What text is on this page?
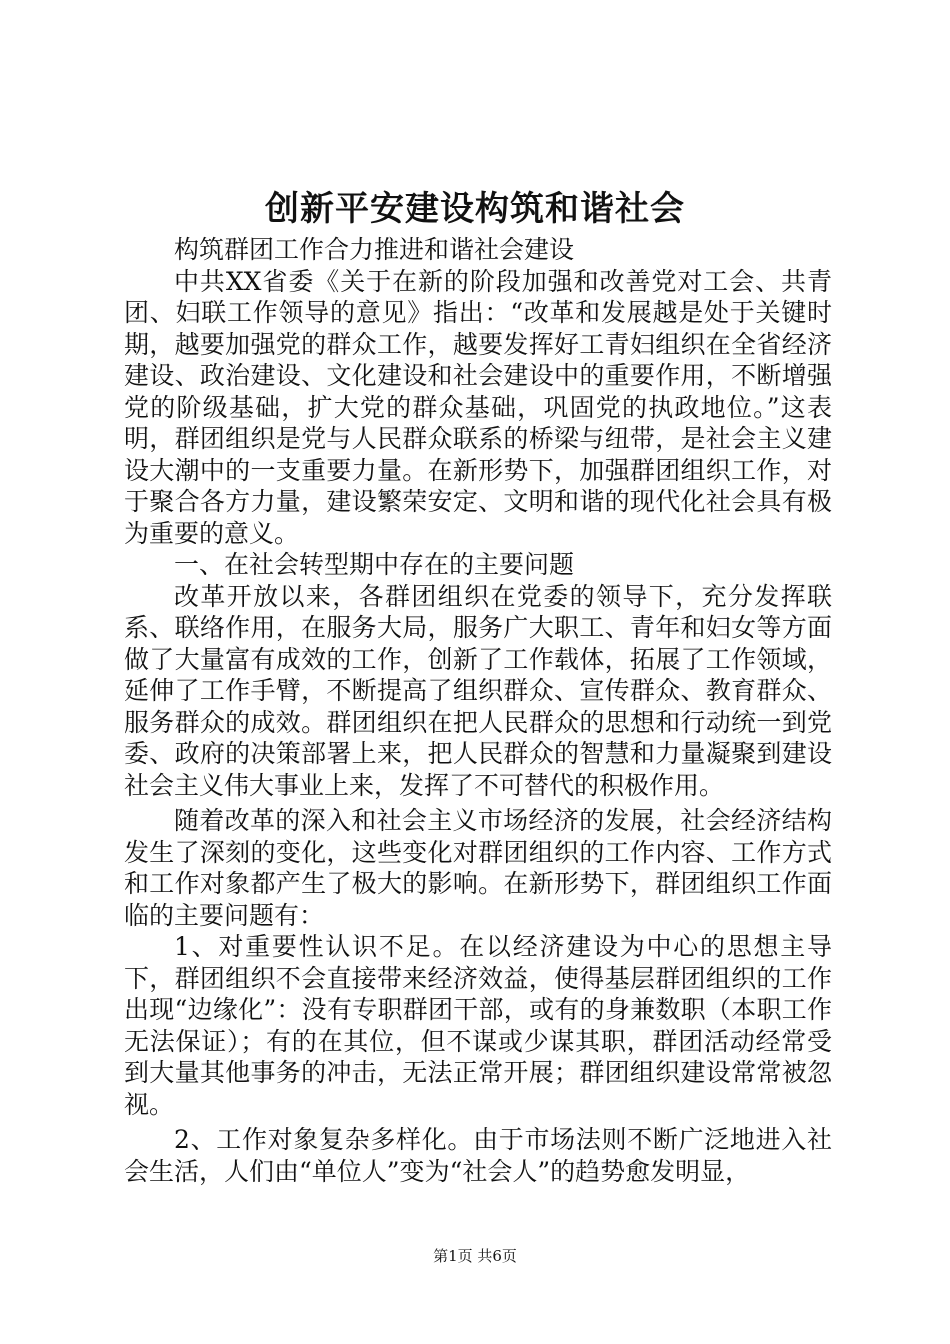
创新平安建设构筑和谐社会

构筑群团工作合力推进和谐社会建设

中共XX省委《关于在新的阶段加强和改善党对工会、共青团、妇联工作领导的意见》指出：“改革和发展越是处于关键时期，越要加强党的群众工作，越要发挥好工青妇组织在全省经济建设、政治建设、文化建设和社会建设中的重要作用，不断增强党的阶级基础，扩大党的群众基础，巩固党的执政地位。”这表明，群团组织是党与人民群众联系的桥梁与纽带，是社会主义建设大潮中的一支重要力量。在新形势下，加强群团组织工作，对于聚合各方力量，建设繁荣安定、文明和谐的现代化社会具有极为重要的意义。

一、在社会转型期中存在的主要问题

改革开放以来，各群团组织在党委的领导下，充分发挥联系、联络作用，在服务大局，服务广大职工、青年和妇女等方面做了大量富有成效的工作，创新了工作载体，拓展了工作领域，延伸了工作手臂，不断提高了组织群众、宣传群众、教育群众、服务群众的成效。群团组织在把人民群众的思想和行动统一到党委、政府的决策部署上来，把人民群众的智慧和力量凝聚到建设社会主义伟大事业上来，发挥了不可替代的积极作用。

随着改革的深入和社会主义市场经济的发展，社会经济结构发生了深刻的变化，这些变化对群团组织的工作内容、工作方式和工作对象都产生了极大的影响。在新形势下，群团组织工作面临的主要问题有：

1、对重要性认识不足。在以经济建设为中心的思想主导下，群团组织不会直接带来经济效益，使得基层群团组织的工作出现“边缘化”：没有专职群团干部，或有的身兼数职（本职工作无法保证）；有的在其位，但不谋或少谋其职，群团活动经常受到大量其他事务的冲击，无法正常开展；群团组织建设常常被忽视。

2、工作对象复杂多样化。由于市场法则不断广泛地进入社会生活，人们由“单位人”变为“社会人”的趋势愈发明显，

第1页 共6页
